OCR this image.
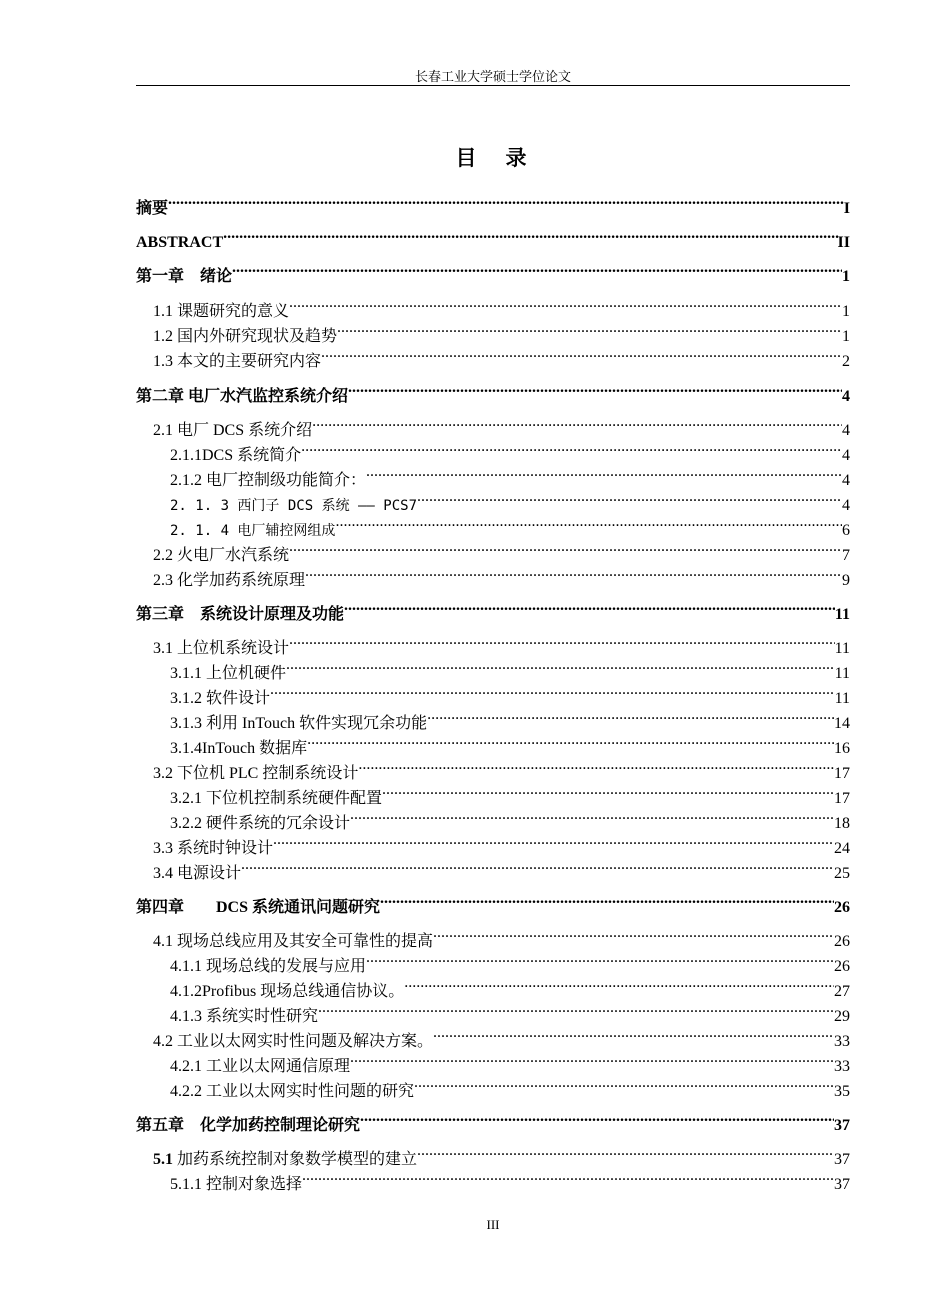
长春工业大学硕士学位论文
目　录
摘要 .....	I
ABSTRACT .....	II
第一章　绪论 .....	1
1.1 课题研究的意义 .....	1
1.2 国内外研究现状及趋势 .....	1
1.3 本文的主要研究内容 .....	2
第二章 电厂水汽监控系统介绍 .....	4
2.1 电厂 DCS 系统介绍 .....	4
2.1.1DCS 系统简介 .....	4
2.1.2 电厂控制级功能简介： .....	4
2. 1. 3 西门子 DCS 系统 —— PCS7 .....	4
2. 1. 4 电厂辅控网组成 .....	6
2.2 火电厂水汽系统 .....	7
2.3 化学加药系统原理 .....	9
第三章　系统设计原理及功能 .....	11
3.1 上位机系统设计 .....	11
3.1.1 上位机硬件 .....	11
3.1.2 软件设计 .....	11
3.1.3 利用 InTouch 软件实现冗余功能 .....	14
3.1.4InTouch 数据库 .....	16
3.2 下位机 PLC 控制系统设计 .....	17
3.2.1 下位机控制系统硬件配置 .....	17
3.2.2 硬件系统的冗余设计 .....	18
3.3 系统时钟设计 .....	24
3.4 电源设计 .....	25
第四章　　DCS 系统通讯问题研究 .....	26
4.1 现场总线应用及其安全可靠性的提高 .....	26
4.1.1 现场总线的发展与应用 .....	26
4.1.2Profibus 现场总线通信协议。 .....	27
4.1.3 系统实时性研究 .....	29
4.2 工业以太网实时性问题及解决方案。 .....	33
4.2.1 工业以太网通信原理 .....	33
4.2.2 工业以太网实时性问题的研究 .....	35
第五章　化学加药控制理论研究 .....	37
5.1 加药系统控制对象数学模型的建立 .....	37
5.1.1 控制对象选择 .....	37
III
